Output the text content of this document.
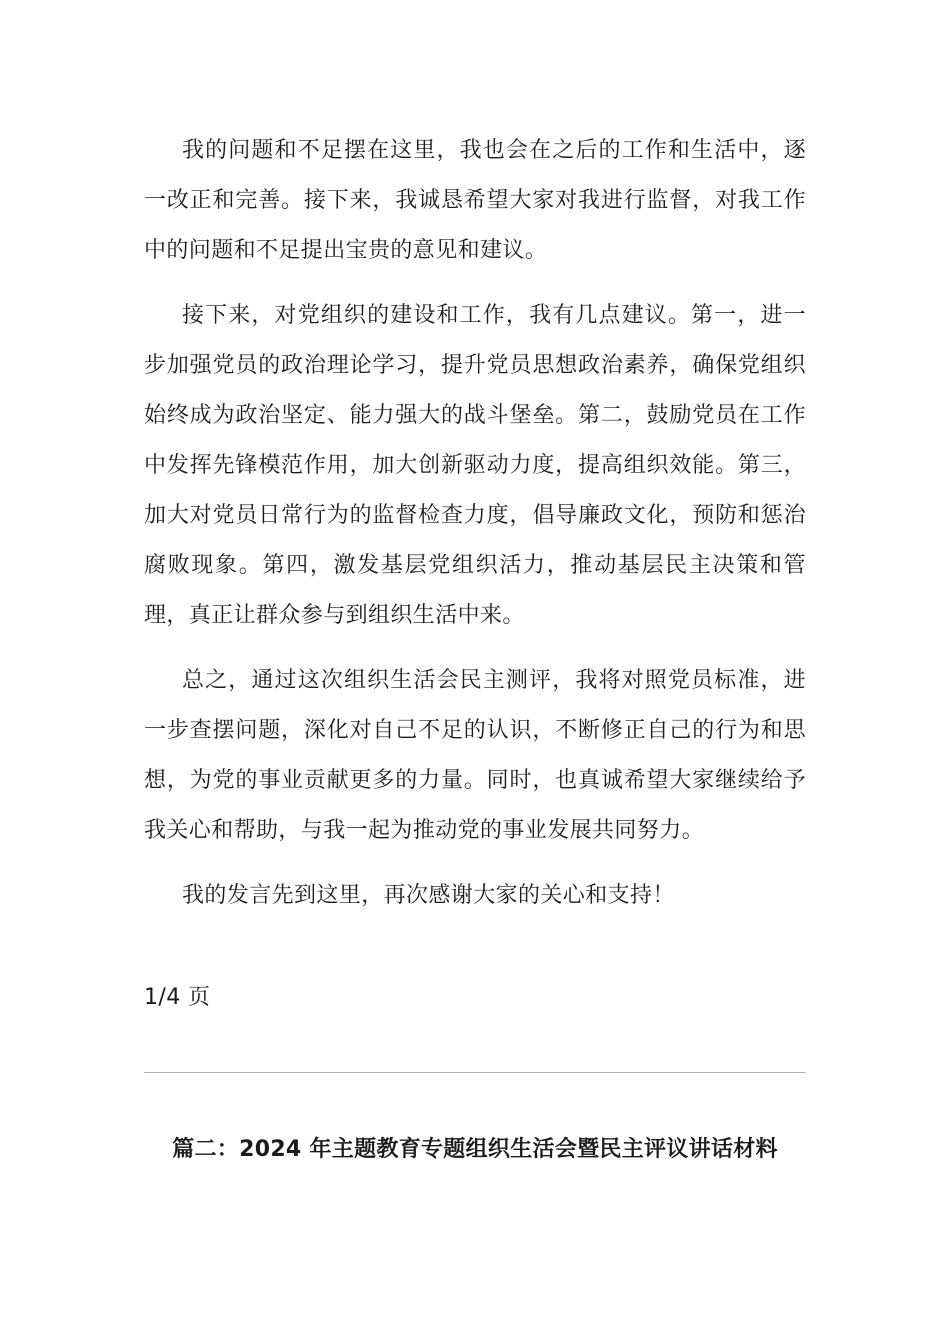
我的问题和不足摆在这里，我也会在之后的工作和生活中，逐一改正和完善。接下来，我诚恳希望大家对我进行监督，对我工作中的问题和不足提出宝贵的意见和建议。

接下来，对党组织的建设和工作，我有几点建议。第一，进一步加强党员的政治理论学习，提升党员思想政治素养，确保党组织始终成为政治坚定、能力强大的战斗堡垒。第二，鼓励党员在工作中发挥先锋模范作用，加大创新驱动力度，提高组织效能。第三，加大对党员日常行为的监督检查力度，倡导廉政文化，预防和惩治腐败现象。第四，激发基层党组织活力，推动基层民主决策和管理，真正让群众参与到组织生活中来。

总之，通过这次组织生活会民主测评，我将对照党员标准，进一步查摆问题，深化对自己不足的认识，不断修正自己的行为和思想，为党的事业贡献更多的力量。同时，也真诚希望大家继续给予我关心和帮助，与我一起为推动党的事业发展共同努力。

我的发言先到这里，再次感谢大家的关心和支持！

1/4 页
篇二：2024 年主题教育专题组织生活会暨民主评议讲话材料
